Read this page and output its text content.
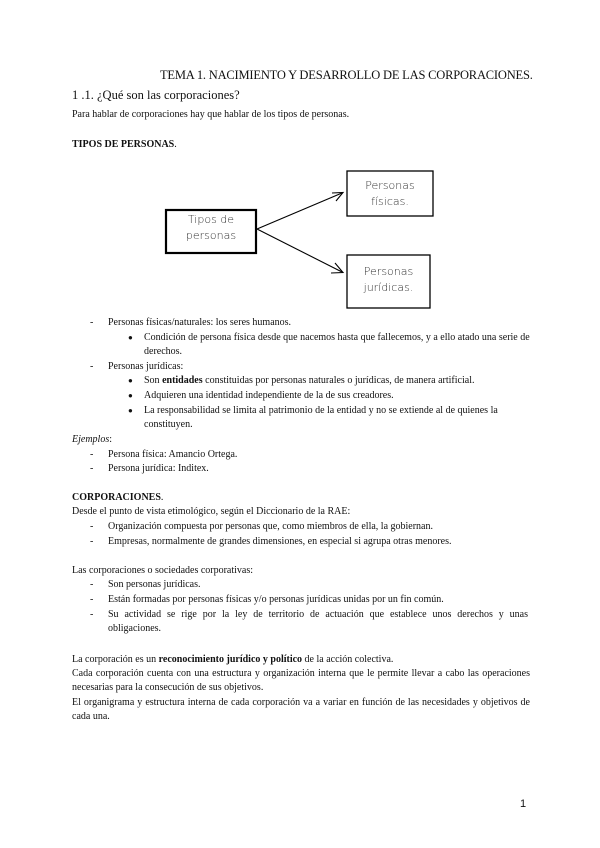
TEMA 1. NACIMIENTO Y DESARROLLO DE LAS CORPORACIONES.
1 .1. ¿Qué son las corporaciones?
Para hablar de corporaciones hay que hablar de los tipos de personas.
TIPOS DE PERSONAS.
Tipos de
personas
Personas físicas.
Personas
jurídicas.
- Personas físicas/naturales: los seres humanos.
● Condición de persona física desde que nacemos hasta que fallecemos, y a ello atado una serie de derechos.
- Personas jurídicas:
● Son entidades constituidas por personas naturales o jurídicas, de manera artificial.
● Adquieren una identidad independiente de la de sus creadores.
● La responsabilidad se limita al patrimonio de la entidad y no se extiende al de quienes la constituyen.
Ejemplos:
- Persona física: Amancio Ortega.
- Persona jurídica: Inditex.
CORPORACIONES.
Desde el punto de vista etimológico, según el Diccionario de la RAE:
- Organización compuesta por personas que, como miembros de ella, la gobiernan.
- Empresas, normalmente de grandes dimensiones, en especial si agrupa otras menores.
Las corporaciones o sociedades corporativas:
- Son personas jurídicas.
- Están formadas por personas físicas y/o personas jurídicas unidas por un fin común.
- Su actividad se rige por la ley de territorio de actuación que establece unos derechos y unas obligaciones.
La corporación es un reconocimiento jurídico y político de la acción colectiva.
Cada corporación cuenta con una estructura y organización interna que le permite llevar a cabo las operaciones necesarias para la consecución de sus objetivos.
El organigrama y estructura interna de cada corporación va a variar en función de las necesidades y objetivos de cada una.
1
